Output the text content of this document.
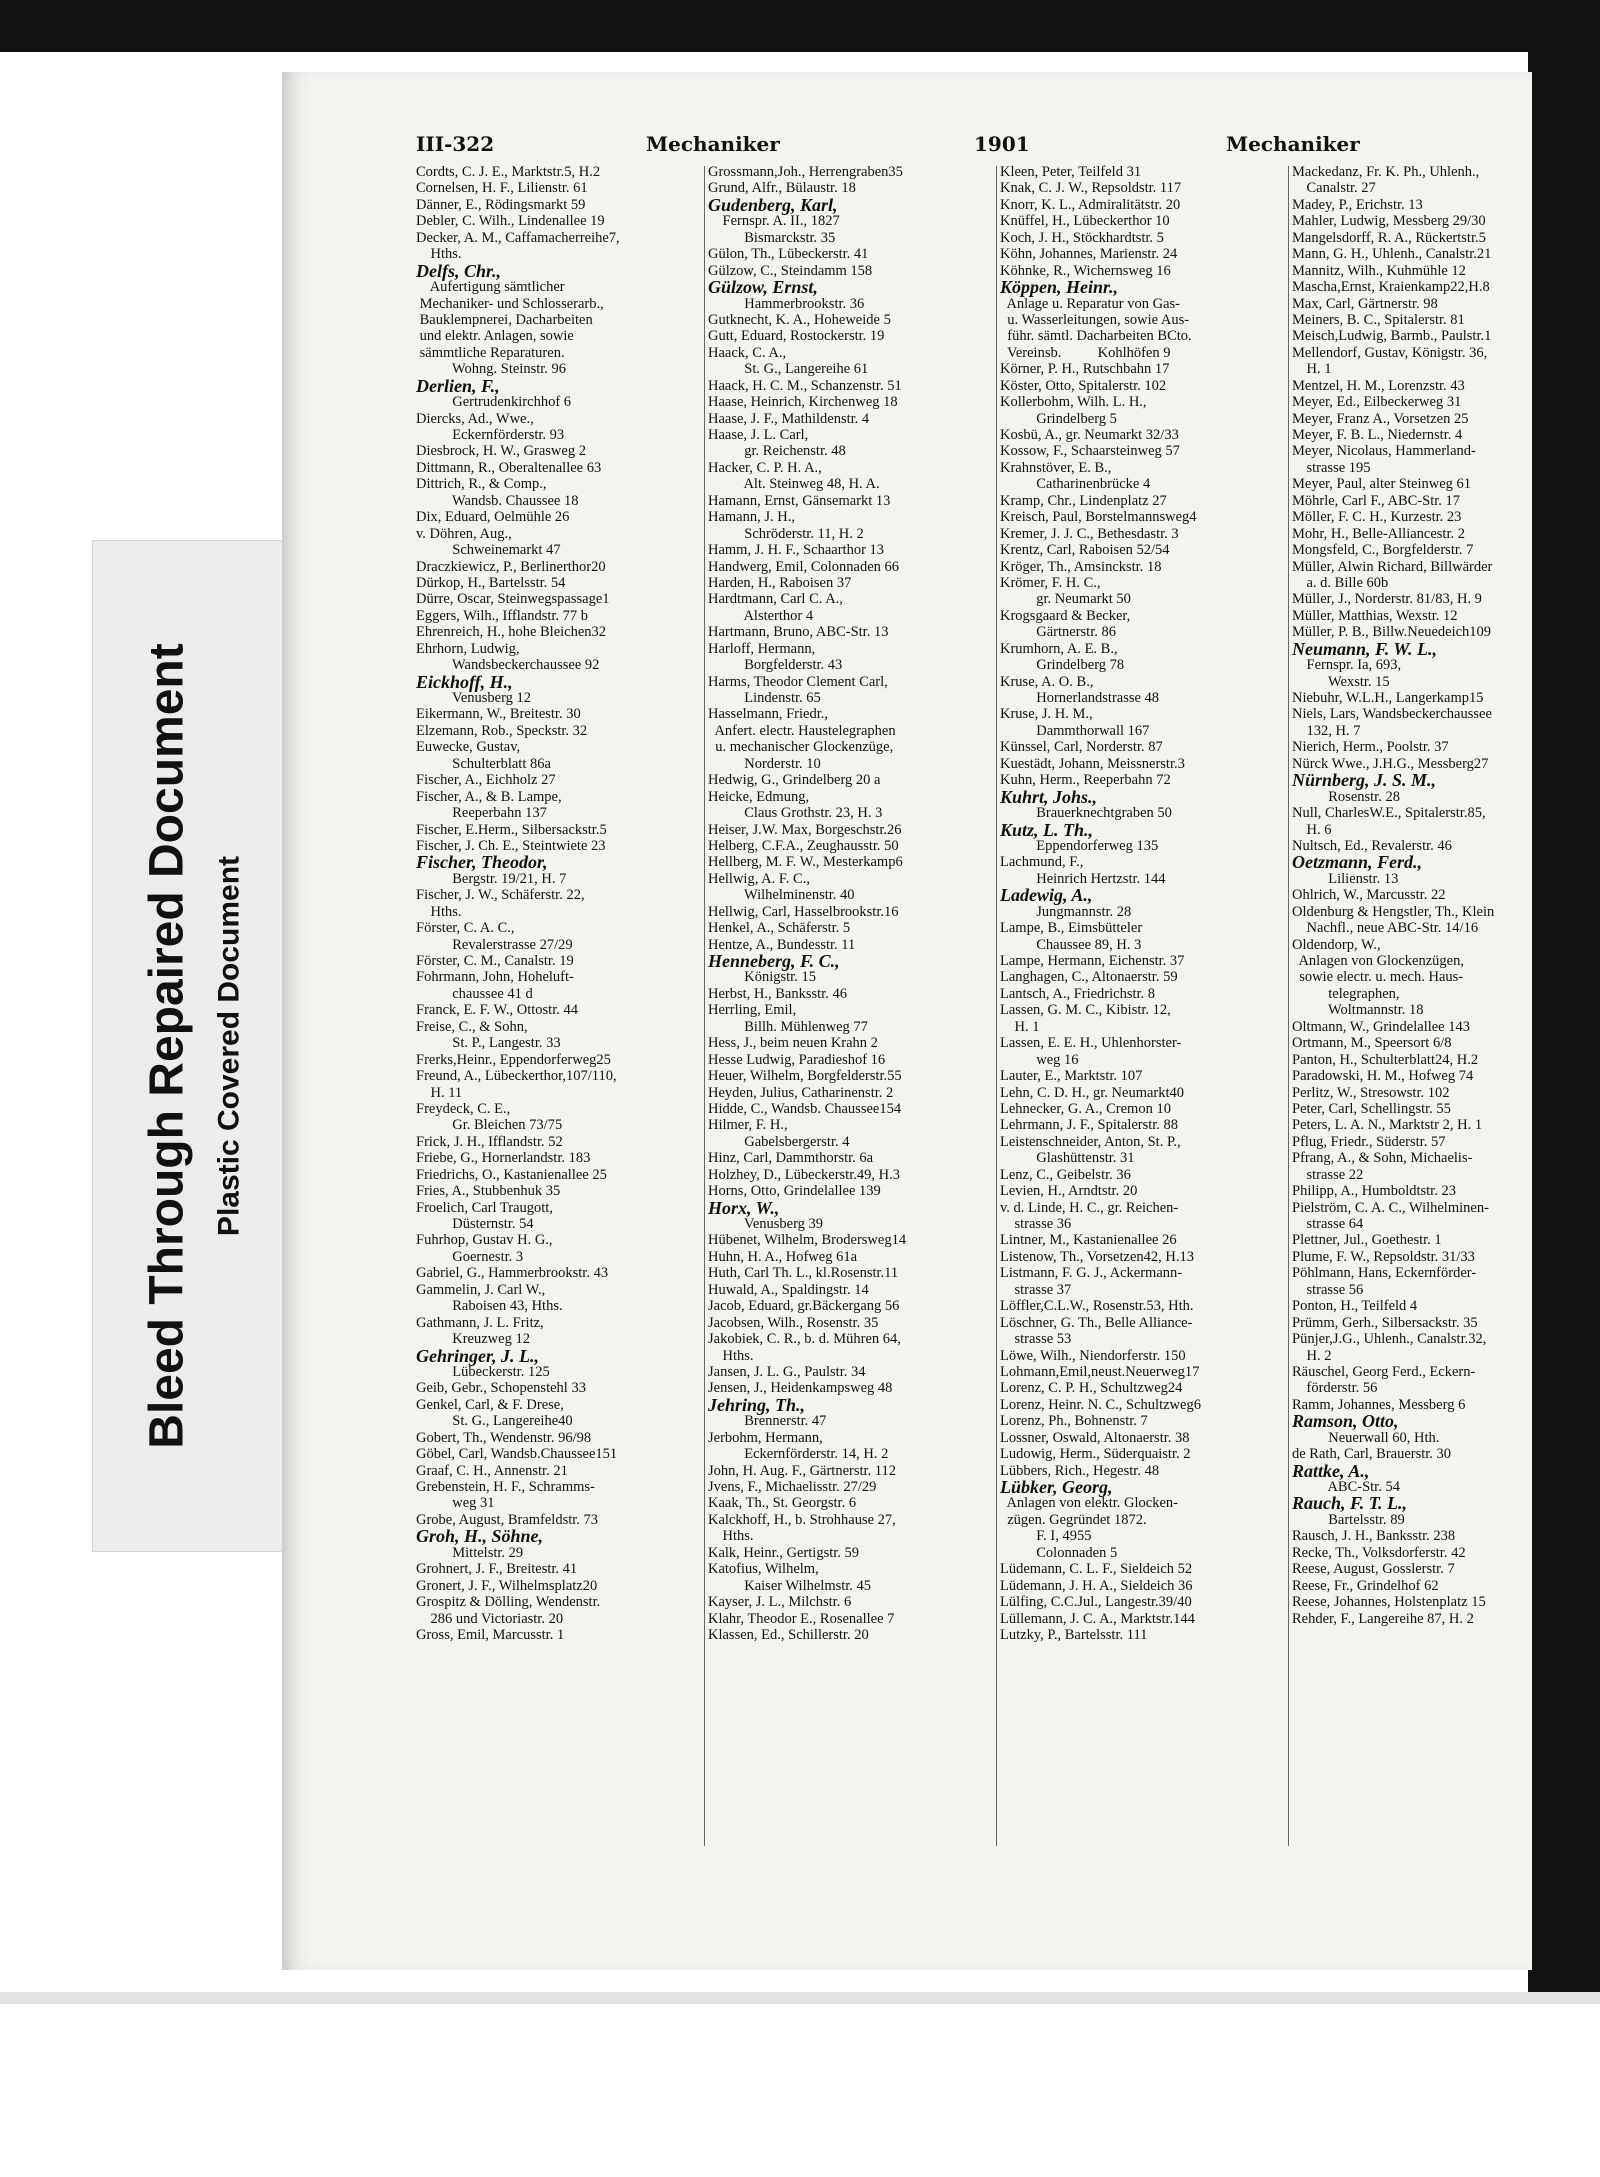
Bleed Through Repaired Document Plastic Covered Document
III-322	Mechaniker	1901	Mechaniker
Cordts, C. J. E., Marktstr.5, H.2
Cornelsen, H. F., Lilienstr. 61
Dänner, E., Rödingsmarkt 59
Debler, C. Wilh., Lindenallee 19
Decker, A. M., Caffamacherreihe7,
Hths.
Delfs, Chr.,
Aufertigung sämtlicher
Mechaniker- und Schlosserarb.,
Bauklempnerei, Dacharbeiten
und elektr. Anlagen, sowie
sämmtliche Reparaturen.
Wohng. Steinstr. 96
Derlien, F.,
Gertrudenkirchhof 6
Diercks, Ad., Wwe.,
Eckernförderstr. 93
Diesbrock, H. W., Grasweg 2
Dittmann, R., Oberaltenallee 63
Dittrich, R., & Comp.,
Wandsb. Chaussee 18
Dix, Eduard, Oelmühle 26
v. Döhren, Aug.,
Schweinemarkt 47
Draczkiewicz, P., Berlinerthor20
Dürkop, H., Bartelsstr. 54
Dürre, Oscar, Steinwegspassage1
Eggers, Wilh., Ifflandstr. 77 b
Ehrenreich, H., hohe Bleichen32
Ehrhorn, Ludwig,
Wandsbeckerchaussee 92
Eickhoff, H.,
Venusberg 12
Eikermann, W., Breitestr. 30
Elzemann, Rob., Speckstr. 32
Euwecke, Gustav,
Schulterblatt 86a
Fischer, A., Eichholz 27
Fischer, A., & B. Lampe,
Reeperbahn 137
Fischer, E.Herm., Silbersackstr.5
Fischer, J. Ch. E., Steintwiete 23
Fischer, Theodor,
Bergstr. 19/21, H. 7
Fischer, J. W., Schäferstr. 22,
Hths.
Förster, C. A. C.,
Revalerstrasse 27/29
Förster, C. M., Canalstr. 19
Fohrmann, John, Hoheluft-
chaussee 41 d
Franck, E. F. W., Ottostr. 44
Freise, C., & Sohn,
St. P., Langestr. 33
Frerks,Heinr., Eppendorferweg25
Freund, A., Lübeckerthor,107/110,
H. 11
Freydeck, C. E.,
Gr. Bleichen 73/75
Frick, J. H., Ifflandstr. 52
Friebe, G., Hornerlandstr. 183
Friedrichs, O., Kastanienallee 25
Fries, A., Stubbenhuk 35
Froelich, Carl Traugott,
Düsternstr. 54
Fuhrhop, Gustav H. G.,
Goernestr. 3
Gabriel, G., Hammerbrookstr. 43
Gammelin, J. Carl W.,
Raboisen 43, Hths.
Gathmann, J. L. Fritz,
Kreuzweg 12
Gehringer, J. L.,
Lübeckerstr. 125
Geib, Gebr., Schopenstehl 33
Genkel, Carl, & F. Drese,
St. G., Langereihe40
Gobert, Th., Wendenstr. 96/98
Göbel, Carl, Wandsb.Chaussee151
Graaf, C. H., Annenstr. 21
Grebenstein, H. F., Schramms-
weg 31
Grobe, August, Bramfeldstr. 73
Groh, H., Söhne,
Mittelstr. 29
Grohnert, J. F., Breitestr. 41
Gronert, J. F., Wilhelmsplatz20
Grospitz & Dölling, Wendenstr.
286 und Victoriastr. 20
Gross, Emil, Marcusstr. 1
Grossmann,Joh., Herrengraben35
Grund, Alfr., Bülaustr. 18
Gudenberg, Karl,
Fernspr. A. II., 1827
Bismarckstr. 35
Gülon, Th., Lübeckerstr. 41
Gülzow, C., Steindamm 158
Gülzow, Ernst,
Hammerbrookstr. 36
Gutknecht, K. A., Hoheweide 5
Gutt, Eduard, Rostockerstr. 19
Haack, C. A.,
St. G., Langereihe 61
Haack, H. C. M., Schanzenstr. 51
Haase, Heinrich, Kirchenweg 18
Haase, J. F., Mathildenstr. 4
Haase, J. L. Carl,
gr. Reichenstr. 48
Hacker, C. P. H. A.,
Alt. Steinweg 48, H. A.
Hamann, Ernst, Gänsemarkt 13
Hamann, J. H.,
Schröderstr. 11, H. 2
Hamm, J. H. F., Schaarthor 13
Handwerg, Emil, Colonnaden 66
Harden, H., Raboisen 37
Hardtmann, Carl C. A.,
Alsterthor 4
Hartmann, Bruno, ABC-Str. 13
Harloff, Hermann,
Borgfelderstr. 43
Harms, Theodor Clement Carl,
Lindenstr. 65
Hasselmann, Friedr.,
Anfert. electr. Haustelegraphen
u. mechanischer Glockenzüge,
Norderstr. 10
Hedwig, G., Grindelberg 20 a
Heicke, Edmung,
Claus Grothstr. 23, H. 3
Heiser, J.W. Max, Borgeschstr.26
Helberg, C.F.A., Zeughausstr. 50
Hellberg, M. F. W., Mesterkamp6
Hellwig, A. F. C.,
Wilhelminenstr. 40
Hellwig, Carl, Hasselbrookstr.16
Henkel, A., Schäferstr. 5
Hentze, A., Bundesstr. 11
Henneberg, F. C.,
Königstr. 15
Herbst, H., Banksstr. 46
Herrling, Emil,
Billh. Mühlenweg 77
Hess, J., beim neuen Krahn 2
Hesse Ludwig, Paradieshof 16
Heuer, Wilhelm, Borgfelderstr.55
Heyden, Julius, Catharinenstr. 2
Hidde, C., Wandsb. Chaussee154
Hilmer, F. H.,
Gabelsbergerstr. 4
Hinz, Carl, Dammthorstr. 6a
Holzhey, D., Lübeckerstr.49, H.3
Horns, Otto, Grindelallee 139
Horx, W.,
Venusberg 39
Hübenet, Wilhelm, Brodersweg14
Huhn, H. A., Hofweg 61a
Huth, Carl Th. L., kl.Rosenstr.11
Huwald, A., Spaldingstr. 14
Jacob, Eduard, gr.Bäckergang 56
Jacobsen, Wilh., Rosenstr. 35
Jakobiek, C. R., b. d. Mühren 64,
Hths.
Jansen, J. L. G., Paulstr. 34
Jensen, J., Heidenkampsweg 48
Jehring, Th.,
Brennerstr. 47
Jerbohm, Hermann,
Eckernförderstr. 14, H. 2
John, H. Aug. F., Gärtnerstr. 112
Jvens, F., Michaelisstr. 27/29
Kaak, Th., St. Georgstr. 6
Kalckhoff, H., b. Strohhause 27,
Hths.
Kalk, Heinr., Gertigstr. 59
Katofius, Wilhelm,
Kaiser Wilhelmstr. 45
Kayser, J. L., Milchstr. 6
Klahr, Theodor E., Rosenallee 7
Klassen, Ed., Schillerstr. 20
Kleen, Peter, Teilfeld 31
Knak, C. J. W., Repsoldstr. 117
Knorr, K. L., Admiralitätstr. 20
Knüffel, H., Lübeckerthor 10
Koch, J. H., Stöckhardtstr. 5
Köhn, Johannes, Marienstr. 24
Köhnke, R., Wichernsweg 16
Köppen, Heinr.,
Anlage u. Reparatur von Gas-
u. Wasserleitungen, sowie Aus-
führ. sämtl. Dacharbeiten BCto.
Vereinsb.          Kohlhöfen 9
Körner, P. H., Rutschbahn 17
Köster, Otto, Spitalerstr. 102
Kollerbohm, Wilh. L. H.,
Grindelberg 5
Kosbü, A., gr. Neumarkt 32/33
Kossow, F., Schaarsteinweg 57
Krahnstöver, E. B.,
Catharinenbrücke 4
Kramp, Chr., Lindenplatz 27
Kreisch, Paul, Borstelmannsweg4
Kremer, J. J. C., Bethesdastr. 3
Krentz, Carl, Raboisen 52/54
Kröger, Th., Amsinckstr. 18
Krömer, F. H. C.,
gr. Neumarkt 50
Krogsgaard & Becker,
Gärtnerstr. 86
Krumhorn, A. E. B.,
Grindelberg 78
Kruse, A. O. B.,
Hornerlandstrasse 48
Kruse, J. H. M.,
Dammthorwall 167
Künssel, Carl, Norderstr. 87
Kuestädt, Johann, Meissnerstr.3
Kuhn, Herm., Reeperbahn 72
Kuhrt, Johs.,
Brauerknechtgraben 50
Kutz, L. Th.,
Eppendorferweg 135
Lachmund, F.,
Heinrich Hertzstr. 144
Ladewig, A.,
Jungmannstr. 28
Lampe, B., Eimsbütteler
Chaussee 89, H. 3
Lampe, Hermann, Eichenstr. 37
Langhagen, C., Altonaerstr. 59
Lantsch, A., Friedrichstr. 8
Lassen, G. M. C., Kibistr. 12,
H. 1
Lassen, E. E. H., Uhlenhorster-
weg 16
Lauter, E., Marktstr. 107
Lehn, C. D. H., gr. Neumarkt40
Lehnecker, G. A., Cremon 10
Lehrmann, J. F., Spitalerstr. 88
Leistenschneider, Anton, St. P.,
Glashüttenstr. 31
Lenz, C., Geibelstr. 36
Levien, H., Arndtstr. 20
v. d. Linde, H. C., gr. Reichen-
strasse 36
Lintner, M., Kastanienallee 26
Listenow, Th., Vorsetzen42, H.13
Listmann, F. G. J., Ackermann-
strasse 37
Löffler,C.L.W., Rosenstr.53, Hth.
Löschner, G. Th., Belle Alliance-
strasse 53
Löwe, Wilh., Niendorferstr. 150
Lohmann,Emil,neust.Neuerweg17
Lorenz, C. P. H., Schultzweg24
Lorenz, Heinr. N. C., Schultzweg6
Lorenz, Ph., Bohnenstr. 7
Lossner, Oswald, Altonaerstr. 38
Ludowig, Herm., Süderquaistr. 2
Lübbers, Rich., Hegestr. 48
Lübker, Georg,
Anlagen von elektr. Glocken-
zügen. Gegründet 1872.
F. I, 4955
Colonnaden 5
Lüdemann, C. L. F., Sieldeich 52
Lüdemann, J. H. A., Sieldeich 36
Lülfing, C.C.Jul., Langestr.39/40
Lüllemann, J. C. A., Marktstr.144
Lutzky, P., Bartelsstr. 111
Mackedanz, Fr. K. Ph., Uhlenh.,
Canalstr. 27
Madey, P., Erichstr. 13
Mahler, Ludwig, Messberg 29/30
Mangelsdorff, R. A., Rückertstr.5
Mann, G. H., Uhlenh., Canalstr.21
Mannitz, Wilh., Kuhmühle 12
Mascha,Ernst, Kraienkamp22,H.8
Max, Carl, Gärtnerstr. 98
Meiners, B. C., Spitalerstr. 81
Meisch,Ludwig, Barmb., Paulstr.1
Mellendorf, Gustav, Königstr. 36,
H. 1
Mentzel, H. M., Lorenzstr. 43
Meyer, Ed., Eilbeckerweg 31
Meyer, Franz A., Vorsetzen 25
Meyer, F. B. L., Niedernstr. 4
Meyer, Nicolaus, Hammerland-
strasse 195
Meyer, Paul, alter Steinweg 61
Möhrle, Carl F., ABC-Str. 17
Möller, F. C. H., Kurzestr. 23
Mohr, H., Belle-Alliancestr. 2
Mongsfeld, C., Borgfelderstr. 7
Müller, Alwin Richard, Billwärder
a. d. Bille 60b
Müller, J., Norderstr. 81/83, H. 9
Müller, Matthias, Wexstr. 12
Müller, P. B., Billw.Neuedeich109
Neumann, F. W. L.,
Fernspr. Ia, 693,
Wexstr. 15
Niebuhr, W.L.H., Langerkamp15
Niels, Lars, Wandsbeckerchaussee
132, H. 7
Nierich, Herm., Poolstr. 37
Nürck Wwe., J.H.G., Messberg27
Nürnberg, J. S. M.,
Rosenstr. 28
Null, CharlesW.E., Spitalerstr.85,
H. 6
Nultsch, Ed., Revalerstr. 46
Oetzmann, Ferd.,
Lilienstr. 13
Ohlrich, W., Marcusstr. 22
Oldenburg & Hengstler, Th., Klein
Nachfl., neue ABC-Str. 14/16
Oldendorp, W.,
Anlagen von Glockenzügen,
sowie electr. u. mech. Haus-
telegraphen,
Woltmannstr. 18
Oltmann, W., Grindelallee 143
Ortmann, M., Speersort 6/8
Panton, H., Schulterblatt24, H.2
Paradowski, H. M., Hofweg 74
Perlitz, W., Stresowstr. 102
Peter, Carl, Schellingstr. 55
Peters, L. A. N., Marktstr 2, H. 1
Pflug, Friedr., Süderstr. 57
Pfrang, A., & Sohn, Michaelis-
strasse 22
Philipp, A., Humboldtstr. 23
Pielström, C. A. C., Wilhelminen-
strasse 64
Plettner, Jul., Goethestr. 1
Plume, F. W., Repsoldstr. 31/33
Pöhlmann, Hans, Eckernförder-
strasse 56
Ponton, H., Teilfeld 4
Prümm, Gerh., Silbersackstr. 35
Pünjer,J.G., Uhlenh., Canalstr.32,
H. 2
Räuschel, Georg Ferd., Eckern-
förderstr. 56
Ramm, Johannes, Messberg 6
Ramson, Otto,
Neuerwall 60, Hth.
de Rath, Carl, Brauerstr. 30
Rattke, A.,
ABC-Str. 54
Rauch, F. T. L.,
Bartelsstr. 89
Rausch, J. H., Banksstr. 238
Recke, Th., Volksdorferstr. 42
Reese, August, Gosslerstr. 7
Reese, Fr., Grindelhof 62
Reese, Johannes, Holstenplatz 15
Rehder, F., Langereihe 87, H. 2
